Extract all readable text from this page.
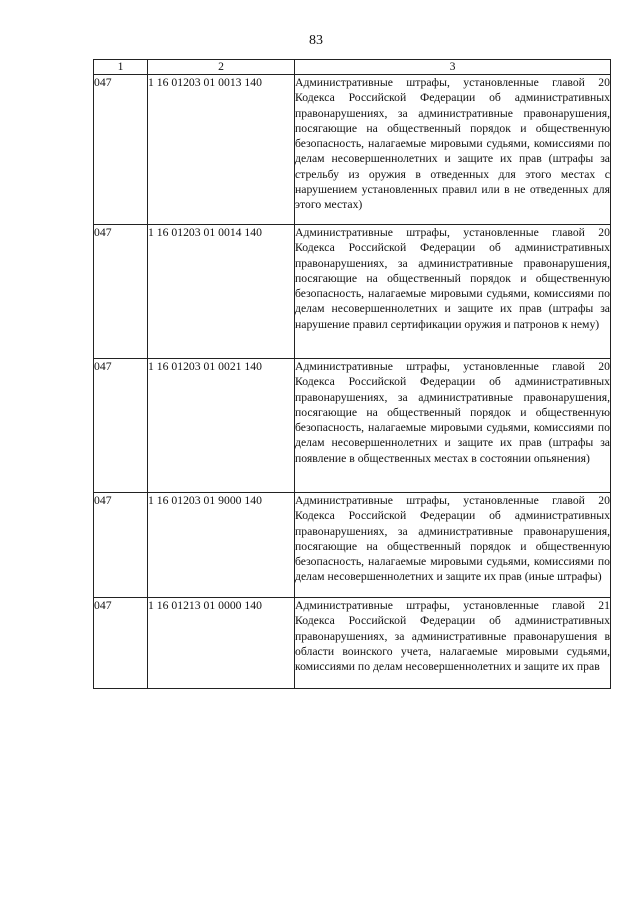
83
1	2	3
047	1 16 01203 01 0013 140	Административные штрафы, установленные главой 20 Кодекса Российской Федерации об административных правонарушениях, за административные правонарушения, посягающие на общественный порядок и общественную безопасность, налагаемые мировыми судьями, комиссиями по делам несовершеннолетних и защите их прав (штрафы за стрельбу из оружия в отведенных для этого местах с нарушением установленных правил или в не отведенных для этого местах)
047	1 16 01203 01 0014 140	Административные штрафы, установленные главой 20 Кодекса Российской Федерации об административных правонарушениях, за административные правонарушения, посягающие на общественный порядок и общественную безопасность, налагаемые мировыми судьями, комиссиями по делам несовершеннолетних и защите их прав (штрафы за нарушение правил сертификации оружия и патронов к нему)
047	1 16 01203 01 0021 140	Административные штрафы, установленные главой 20 Кодекса Российской Федерации об административных правонарушениях, за административные правонарушения, посягающие на общественный порядок и общественную безопасность, налагаемые мировыми судьями, комиссиями по делам несовершеннолетних и защите их прав (штрафы за появление в общественных местах в состоянии опьянения)
047	1 16 01203 01 9000 140	Административные штрафы, установленные главой 20 Кодекса Российской Федерации об административных правонарушениях, за административные правонарушения, посягающие на общественный порядок и общественную безопасность, налагаемые мировыми судьями, комиссиями по делам несовершеннолетних и защите их прав (иные штрафы)
047	1 16 01213 01 0000 140	Административные штрафы, установленные главой 21 Кодекса Российской Федерации об административных правонарушениях, за административные правонарушения в области воинского учета, налагаемые мировыми судьями, комиссиями по делам несовершеннолетних и защите их прав
